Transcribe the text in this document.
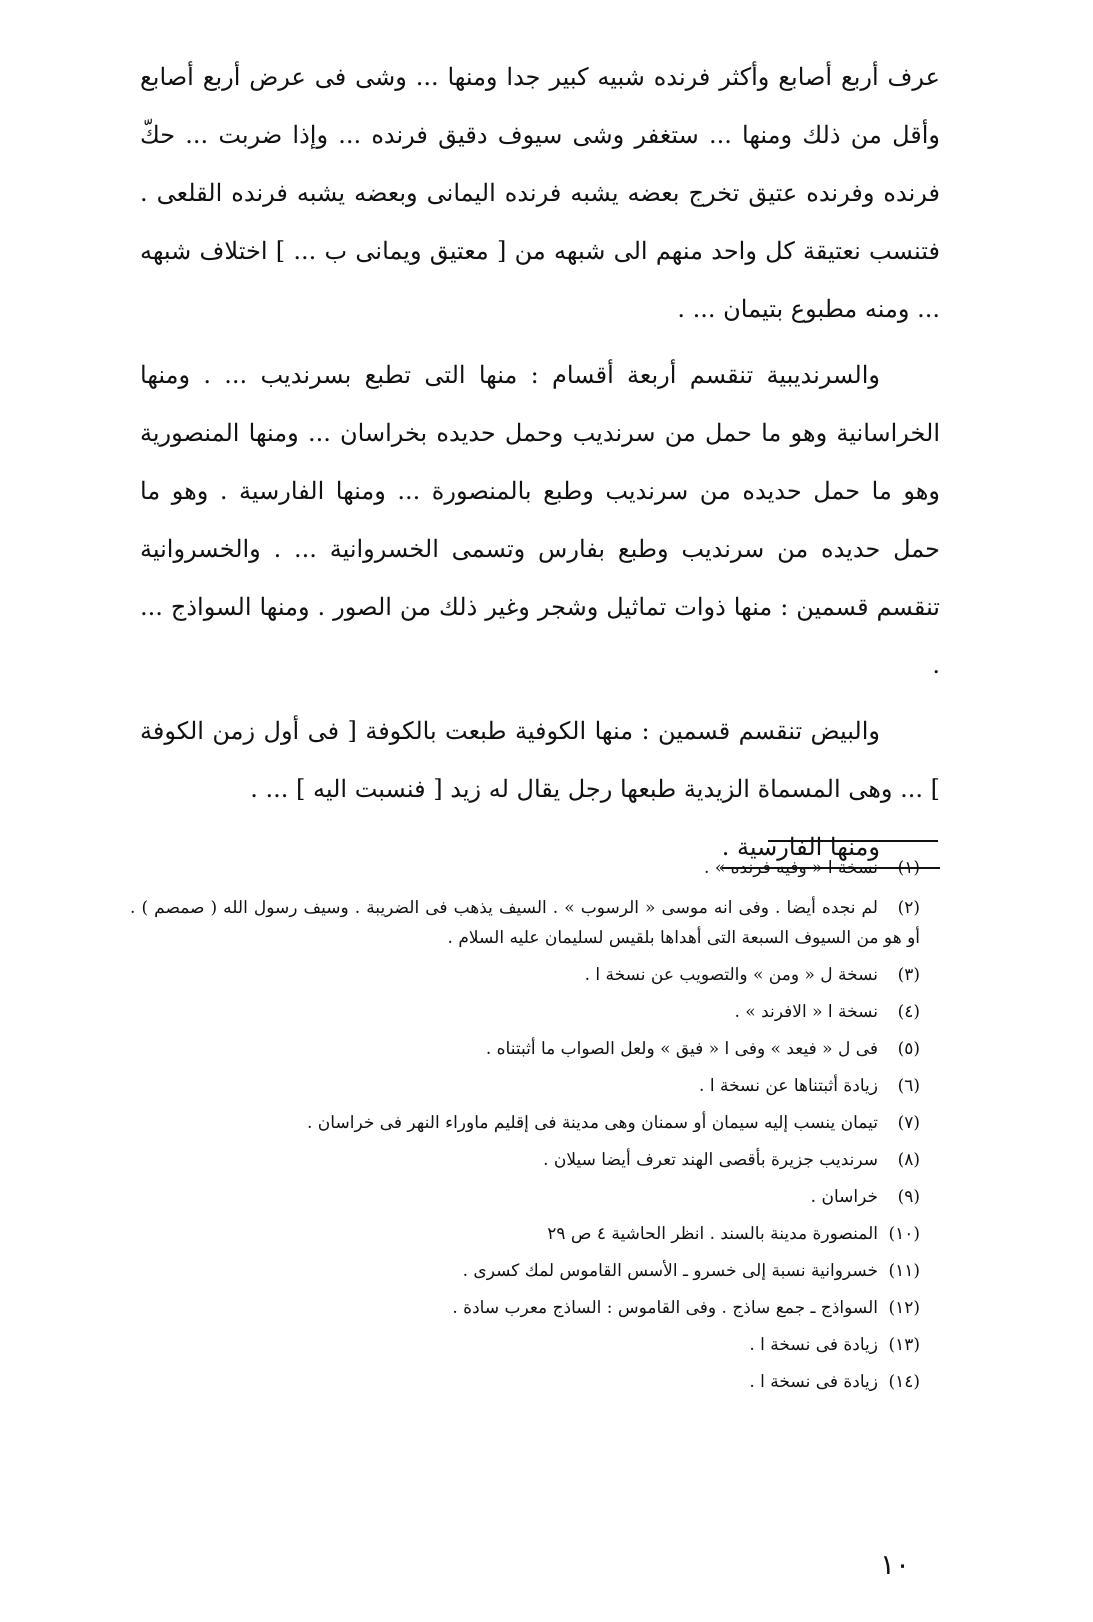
عرف أربع أصابع وأكثر فرنده شبيه كبير جدا ومنها ... وشى فى عرض أربع أصابع وأقل من ذلك ومنها ... ستغفر وشى سيوف دقيق فرنده ... وإذا ضربت ... حكّ فرنده وفرنده عتيق تخرج بعضه يشبه فرنده اليمانى وبعضه يشبه فرنده القلعى . فتنسب نعتيقة كل واحد منهم الى شبهه من [ معتيق ويمانى ب ... ] اختلاف شبهه ... ومنه مطبوع بتيمان ... .

والسرنديبية تنقسم أربعة أقسام : منها التى تطبع بسرنديب ... . ومنها الخراسانية وهو ما حمل من سرنديب وحمل حديده بخراسان ... ومنها المنصورية وهو ما حمل حديده من سرنديب وطبع بالمنصورة ... ومنها الفارسية . وهو ما حمل حديده من سرنديب وطبع بفارس وتسمى الخسروانية ... . والخسروانية تنقسم قسمين : منها ذوات تماثيل وشجر وغير ذلك من الصور . ومنها السواذج ... .

والبيض تنقسم قسمين : منها الكوفية طبعت بالكوفة [ فى أول زمن الكوفة ] ... وهى المسماة الزيدية طبعها رجل يقال له زيد [ فنسبت اليه ] ... .
ومنها الفارسية .

(١)نسخة ا « وفيه فرنده » .

(٢)لم نجده أيضا . وفى انه موسى « الرسوب » . السيف يذهب فى الضريبة . وسيف رسول الله ( صمصم ) . أو هو من السيوف السبعة التى أهداها بلقيس لسليمان عليه السلام .

(٣)نسخة ل « ومن » والتصويب عن نسخة ا .

(٤)نسخة ا « الافرند » .

(٥)فى ل « فيعد » وفى ا « فيق » ولعل الصواب ما أثبتناه .

(٦)زيادة أثبتناها عن نسخة ا .

(٧)تيمان ينسب إليه سيمان أو سمنان وهى مدينة فى إقليم ماوراء النهر فى خراسان .

(٨)سرنديب جزيرة بأقصى الهند تعرف أيضا سيلان .

(٩)خراسان .

(١٠)المنصورة مدينة بالسند . انظر الحاشية ٤ ص ٢٩

(١١)خسروانية نسبة إلى خسرو ـ الأسس القاموس لمك كسرى .

(١٢)السواذج ـ جمع ساذج . وفى القاموس : الساذج معرب سادة .

(١٣)زيادة فى نسخة ا .

(١٤)زيادة فى نسخة ا .

١٠
